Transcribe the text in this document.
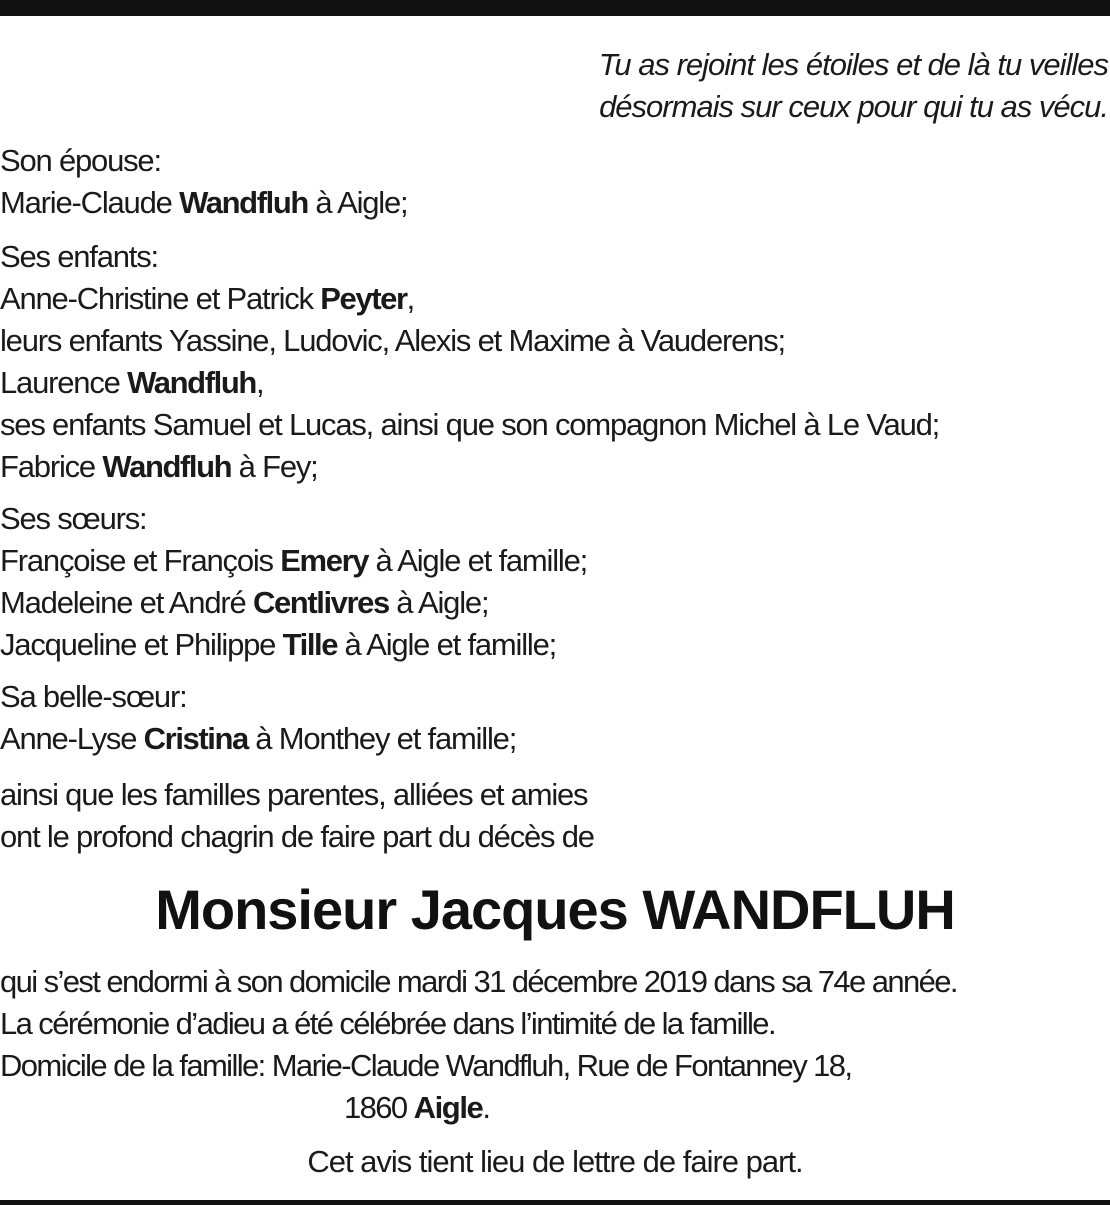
Tu as rejoint les étoiles et de là tu veilles
désormais sur ceux pour qui tu as vécu.
Son épouse:
Marie-Claude Wandfluh à Aigle;
Ses enfants:
Anne-Christine et Patrick Peyter,
leurs enfants Yassine, Ludovic, Alexis et Maxime à Vauderens;
Laurence Wandfluh,
ses enfants Samuel et Lucas, ainsi que son compagnon Michel à Le Vaud;
Fabrice Wandfluh à Fey;
Ses sœurs:
Françoise et François Emery à Aigle et famille;
Madeleine et André Centlivres à Aigle;
Jacqueline et Philippe Tille à Aigle et famille;
Sa belle-sœur:
Anne-Lyse Cristina à Monthey et famille;
ainsi que les familles parentes, alliées et amies
ont le profond chagrin de faire part du décès de
Monsieur Jacques WANDFLUH
qui s’est endormi à son domicile mardi 31 décembre 2019 dans sa 74e année.
La cérémonie d’adieu a été célébrée dans l’intimité de la famille.
Domicile de la famille: Marie-Claude Wandfluh, Rue de Fontanney 18,
1860 Aigle.
Cet avis tient lieu de lettre de faire part.
